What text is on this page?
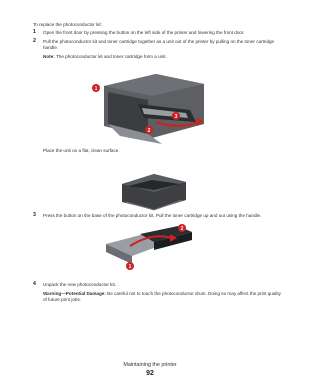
To replace the photoconductor kit:
1 Open the front door by pressing the button on the left side of the printer and lowering the front door.
2 Pull the photoconductor kit and toner cartridge together as a unit out of the printer by pulling on the toner cartridge handle.
Note: The photoconductor kit and toner cartridge form a unit.
1
2
3
Place the unit on a flat, clean surface.
3 Press the button on the base of the photoconductor kit. Pull the toner cartridge up and out using the handle.
2
1
4 Unpack the new photoconductor kit.
Warning—Potential Damage: Be careful not to touch the photoconductor drum. Doing so may affect the print quality of future print jobs.
Maintaining the printer
92
